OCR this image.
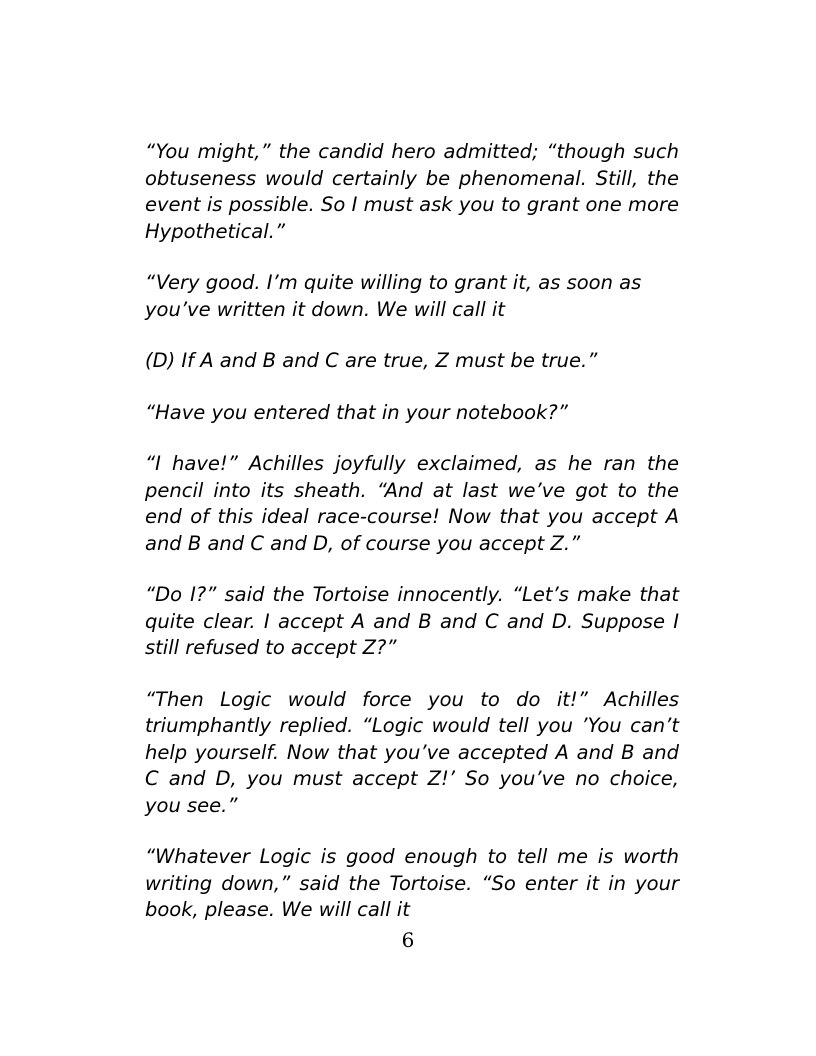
“You might,” the candid hero admitted; “though such obtuseness would certainly be phenomenal. Still, the event is possible. So I must ask you to grant one more Hypothetical.”

“Very good. I’m quite willing to grant it, as soon as you’ve written it down. We will call it

(D) If A and B and C are true, Z must be true.”

“Have you entered that in your notebook?”

“I have!” Achilles joyfully exclaimed, as he ran the pencil into its sheath. “And at last we’ve got to the end of this ideal race-course! Now that you accept A and B and C and D, of course you accept Z.”

“Do I?” said the Tortoise innocently. “Let’s make that quite clear. I accept A and B and C and D. Suppose I still refused to accept Z?”

“Then Logic would force you to do it!” Achilles triumphantly replied. “Logic would tell you ’You can’t help yourself. Now that you’ve accepted A and B and C and D, you must accept Z!’ So you’ve no choice, you see.”

“Whatever Logic is good enough to tell me is worth writing down,” said the Tortoise. “So enter it in your book, please. We will call it

6
